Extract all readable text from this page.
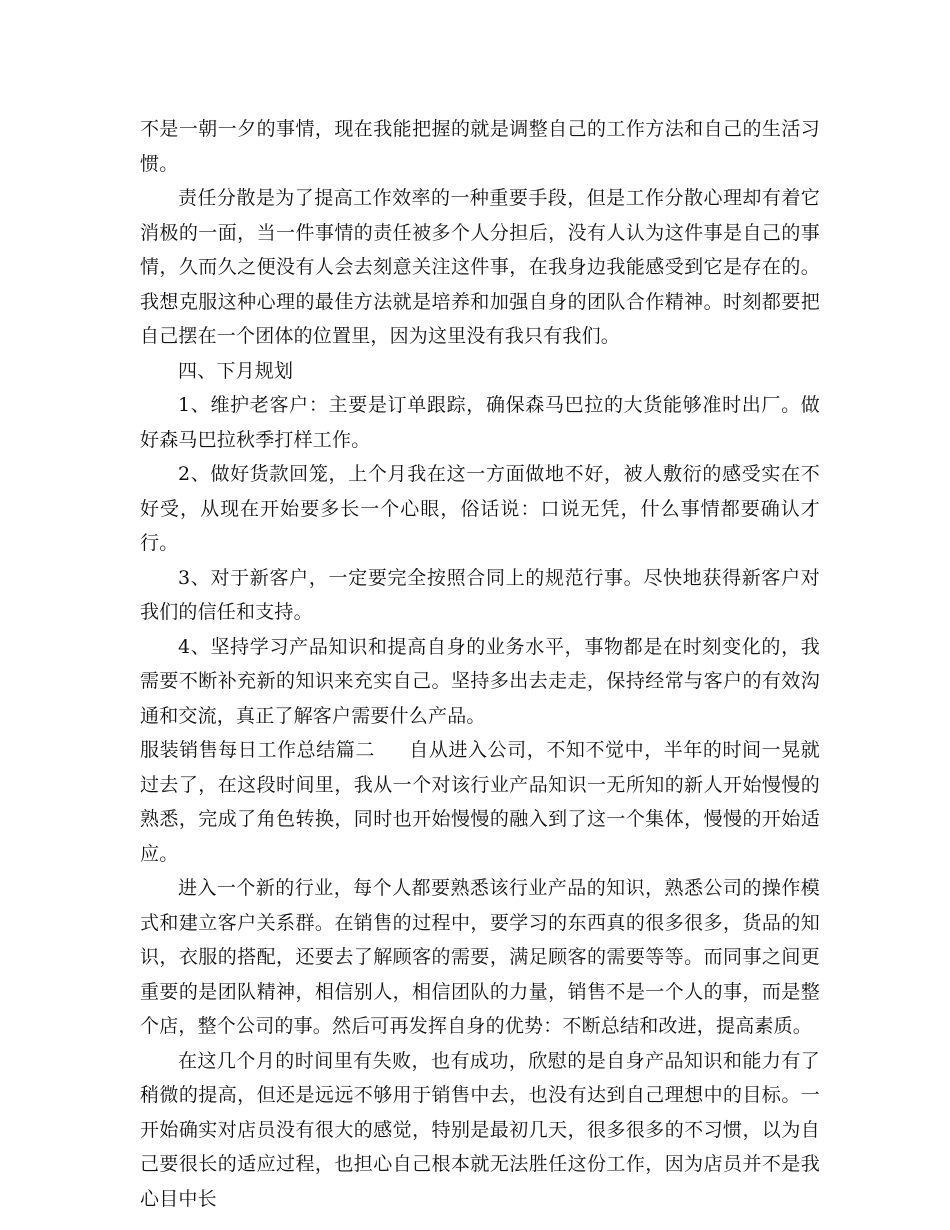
不是一朝一夕的事情，现在我能把握的就是调整自己的工作方法和自己的生活习惯。

责任分散是为了提高工作效率的一种重要手段，但是工作分散心理却有着它消极的一面，当一件事情的责任被多个人分担后，没有人认为这件事是自己的事情，久而久之便没有人会去刻意关注这件事，在我身边我能感受到它是存在的。我想克服这种心理的最佳方法就是培养和加强自身的团队合作精神。时刻都要把自己摆在一个团体的位置里，因为这里没有我只有我们。

四、下月规划

1、维护老客户：主要是订单跟踪，确保森马巴拉的大货能够准时出厂。做好森马巴拉秋季打样工作。

2、做好货款回笼，上个月我在这一方面做地不好，被人敷衍的感受实在不好受，从现在开始要多长一个心眼，俗话说：口说无凭，什么事情都要确认才行。

3、对于新客户，一定要完全按照合同上的规范行事。尽快地获得新客户对我们的信任和支持。

4、坚持学习产品知识和提高自身的业务水平，事物都是在时刻变化的，我需要不断补充新的知识来充实自己。坚持多出去走走，保持经常与客户的有效沟通和交流，真正了解客户需要什么产品。

服装销售每日工作总结篇二 自从进入公司，不知不觉中，半年的时间一晃就过去了，在这段时间里，我从一个对该行业产品知识一无所知的新人开始慢慢的熟悉，完成了角色转换，同时也开始慢慢的融入到了这一个集体，慢慢的开始适应。

进入一个新的行业，每个人都要熟悉该行业产品的知识，熟悉公司的操作模式和建立客户关系群。在销售的过程中，要学习的东西真的很多很多，货品的知识，衣服的搭配，还要去了解顾客的需要，满足顾客的需要等等。而同事之间更重要的是团队精神，相信别人，相信团队的力量，销售不是一个人的事，而是整个店，整个公司的事。然后可再发挥自身的优势：不断总结和改进，提高素质。

在这几个月的时间里有失败，也有成功，欣慰的是自身产品知识和能力有了稍微的提高，但还是远远不够用于销售中去，也没有达到自己理想中的目标。一开始确实对店员没有很大的感觉，特别是最初几天，很多很多的不习惯，以为自己要很长的适应过程，也担心自己根本就无法胜任这份工作，因为店员并不是我心目中长
